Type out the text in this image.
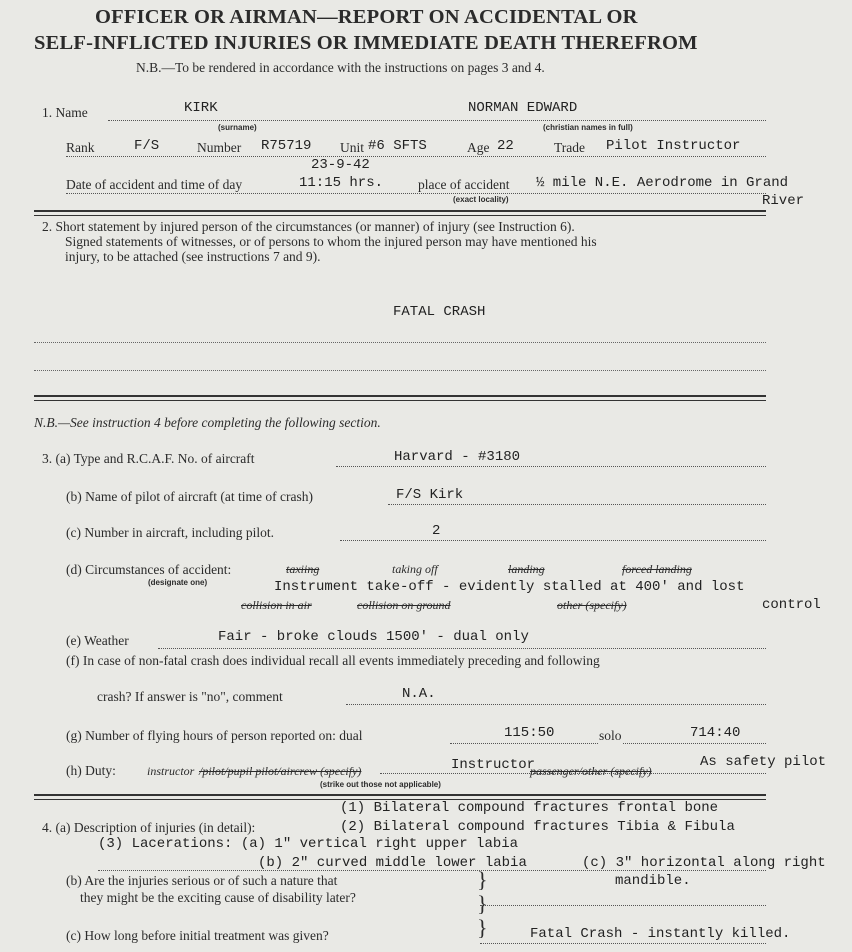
OFFICER OR AIRMAN—REPORT ON ACCIDENTAL OR
SELF-INFLICTED INJURIES OR IMMEDIATE DEATH THEREFROM
N.B.—To be rendered in accordance with the instructions on pages 3 and 4.
1. Name	KIRK	NORMAN EDWARD
(surname)	(christian names in full)
Rank	F/S	Number R75719 Unit #6 SFTS	Age 22	Trade Pilot Instructor
23-9-42
Date of accident and time of day	11:15 hrs.	place of accident ½ mile N.E. Aerodrome in Grand
River
(exact locality)
2. Short statement by injured person of the circumstances (or manner) of injury (see Instruction 6).
Signed statements of witnesses, or of persons to whom the injured person may have mentioned his
injury, to be attached (see instructions 7 and 9).
FATAL CRASH
N.B.—See instruction 4 before completing the following section.
3. (a) Type and R.C.A.F. No. of aircraft	Harvard - #3180
(b) Name of pilot of aircraft (at time of crash)	F/S Kirk
(c) Number in aircraft, including pilot.	2
(d) Circumstances of accident:
(designate one)
taxiing	taking off	landing	forced landing
Instrument take-off - evidently stalled at 400' and lost
collision in air	collision on ground	other (specify)	control
(e) Weather	Fair - broke clouds 1500' - dual only
(f) In case of non-fatal crash does individual recall all events immediately preceding and following
crash? If answer is "no", comment	N.A.
(g) Number of flying hours of person reported on: dual	115:50	solo	714:40
(h) Duty:	instructor /pilot/pupil pilot/aircrew (specify)	Instructor
passenger/other (specify)
As safety pilot
(strike out those not applicable)
(1) Bilateral compound fractures frontal bone
4. (a) Description of injuries (in detail):	(2) Bilateral compound fractures Tibia & Fibula
(3) Lacerations: (a) 1" vertical right upper labia
(b) 2" curved middle lower labia	(c) 3" horizontal along right
mandible.
(b) Are the injuries serious or of such a nature that
they might be the exciting cause of disability later?
}
}
}
(c) How long before initial treatment was given?	Fatal Crash - instantly killed.
